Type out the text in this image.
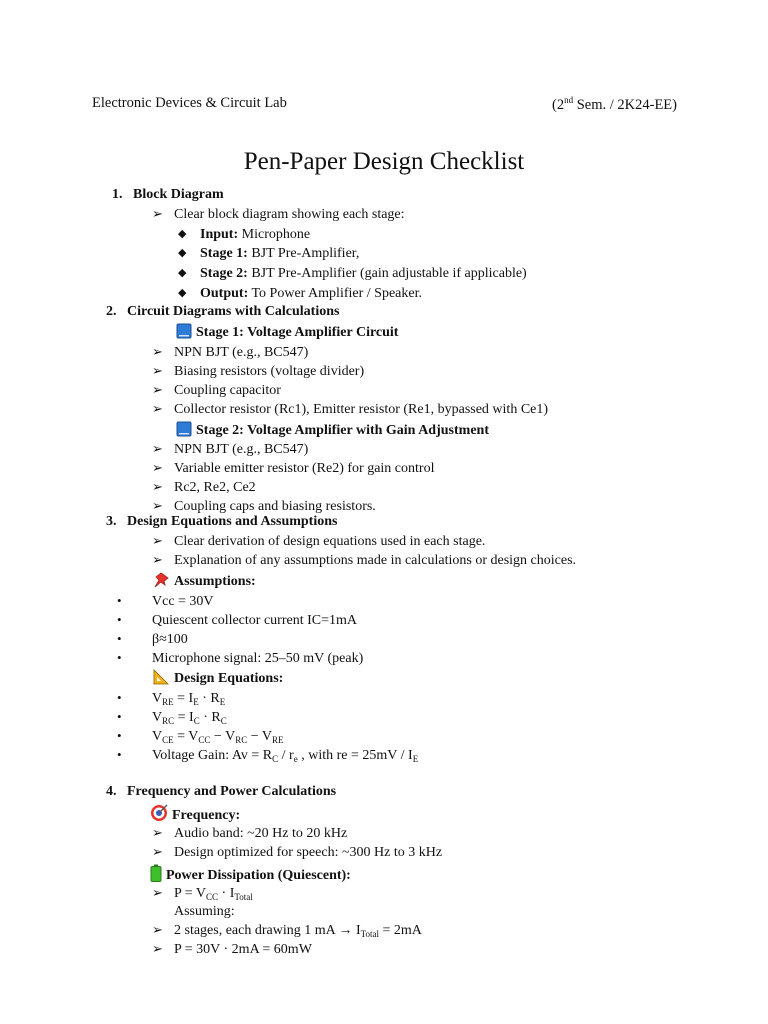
Electronic Devices & Circuit Lab	(2nd Sem. / 2K24-EE)
Pen-Paper Design Checklist
1. Block Diagram
➢ Clear block diagram showing each stage:
◆ Input: Microphone
◆ Stage 1: BJT Pre-Amplifier,
◆ Stage 2: BJT Pre-Amplifier (gain adjustable if applicable)
◆ Output: To Power Amplifier / Speaker.
2. Circuit Diagrams with Calculations
Stage 1: Voltage Amplifier Circuit
➢ NPN BJT (e.g., BC547)
➢ Biasing resistors (voltage divider)
➢ Coupling capacitor
➢ Collector resistor (Rc1), Emitter resistor (Re1, bypassed with Ce1)
Stage 2: Voltage Amplifier with Gain Adjustment
➢ NPN BJT (e.g., BC547)
➢ Variable emitter resistor (Re2) for gain control
➢ Rc2, Re2, Ce2
➢ Coupling caps and biasing resistors.
3. Design Equations and Assumptions
➢ Clear derivation of design equations used in each stage.
➢ Explanation of any assumptions made in calculations or design choices.
Assumptions:
• Vcc = 30V
• Quiescent collector current IC=1mA
• β≈100
• Microphone signal: 25–50 mV (peak)
Design Equations:
• $V_{RE} = I_E \cdot R_E$
• $V_{RC} = I_C \cdot R_C$
• $V_{CE} = V_{CC} - V_{RC} - V_{RE}$
• Voltage Gain: $Av = R_C / r_e$ , with re = $25mV / I_E$
4. Frequency and Power Calculations
Frequency:
➢ Audio band: ~20 Hz to 20 kHz
➢ Design optimized for speech: ~300 Hz to 3 kHz
Power Dissipation (Quiescent):
➢ $P = V_{CC} \cdot I_{Total}$
Assuming:
➢ 2 stages, each drawing 1 mA → $I_{Total} = 2mA$
➢ P = 30V · 2mA = 60mW
